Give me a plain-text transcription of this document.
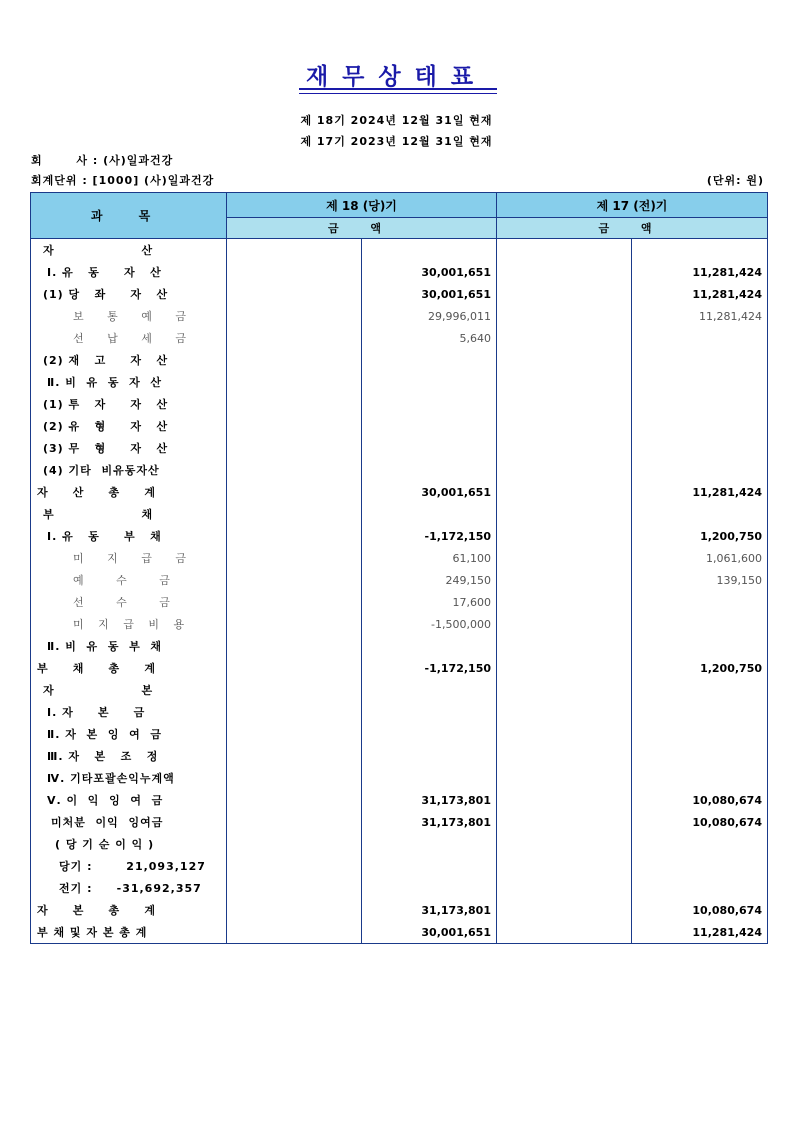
재무상태표
제 18기 2024년 12월 31일 현재
제 17기 2023년 12월 31일 현재
회       사 : (사)일과건강
회계단위 : [1000] (사)일과건강	(단위: 원)
과 목	제 18 (당)기		제 17 (전)기	
	금 액		금 액	
자                  산				
Ⅰ. 유   동     자   산		30,001,651		11,281,424
(1) 당   좌     자   산		30,001,651		11,281,424
보     통     예     금		29,996,011		11,281,424
선     납     세     금		5,640		
(2) 재   고     자   산				
Ⅱ. 비  유  동  자  산				
(1) 투   자     자   산				
(2) 유   형     자   산				
(3) 무   형     자   산				
(4) 기타  비유동자산				
자     산     총     계		30,001,651		11,281,424
부                  채				
Ⅰ. 유   동     부   채		-1,172,150		1,200,750
미     지     급     금		61,100		1,061,600
예       수       금		249,150		139,150
선       수       금		17,600		
미   지   급   비   용		-1,500,000		
Ⅱ. 비  유  동  부  채				
부     채     총     계		-1,172,150		1,200,750
자                  본				
Ⅰ. 자     본     금				
Ⅱ. 자  본  잉  여  금				
Ⅲ. 자   본   조   정				
Ⅳ. 기타포괄손익누계액				
Ⅴ. 이  익  잉  여  금		31,173,801		10,080,674
미처분  이익  잉여금		31,173,801		10,080,674
( 당 기 순 이 익 )				
당기 :       21,093,127				
전기 :     -31,692,357				
자     본     총     계		31,173,801		10,080,674
부 채 및 자 본 총 계		30,001,651		11,281,424
